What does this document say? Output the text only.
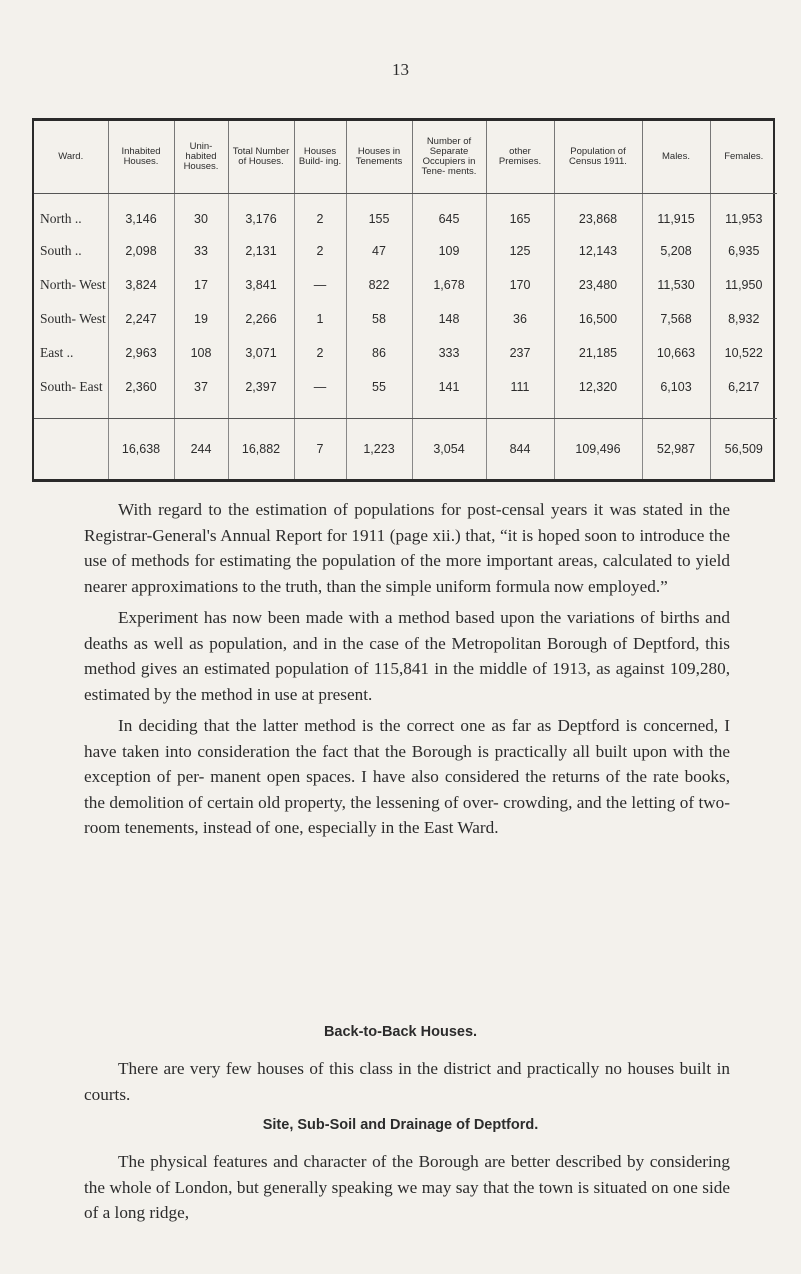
13
Ward.	Inhabited Houses.	Unin- habited Houses.	Total Number of Houses.	Houses Build- ing.	Houses in Tenements	Number of Separate Occupiers in Tene- ments.	other Premises.	Population of Census 1911.	Males.	Females.
North ..	3,146	30	3,176	2	155	645	165	23,868	11,915	11,953
South ..	2,098	33	2,131	2	47	109	125	12,143	5,208	6,935
North- West	3,824	17	3,841	—	822	1,678	170	23,480	11,530	11,950
South- West	2,247	19	2,266	1	58	148	36	16,500	7,568	8,932
East ..	2,963	108	3,071	2	86	333	237	21,185	10,663	10,522
South- East	2,360	37	2,397	—	55	141	111	12,320	6,103	6,217

	16,638	244	16,882	7	1,223	3,054	844	109,496	52,987	56,509

With regard to the estimation of populations for post-censal years it was stated in the Registrar-General's Annual Report for 1911 (page xii.) that, “it is hoped soon to introduce the use of methods for estimating the population of the more important areas, calculated to yield nearer approximations to the truth, than the simple uniform formula now employed.”

Experiment has now been made with a method based upon the variations of births and deaths as well as population, and in the case of the Metropolitan Borough of Deptford, this method gives an estimated population of 115,841 in the middle of 1913, as against 109,280, estimated by the method in use at present.

In deciding that the latter method is the correct one as far as Deptford is concerned, I have taken into consideration the fact that the Borough is practically all built upon with the exception of per- manent open spaces. I have also considered the returns of the rate books, the demolition of certain old property, the lessening of over- crowding, and the letting of two-room tenements, instead of one, especially in the East Ward.

Back-to-Back Houses.

There are very few houses of this class in the district and practically no houses built in courts.

Site, Sub-Soil and Drainage of Deptford.

The physical features and character of the Borough are better described by considering the whole of London, but generally speaking we may say that the town is situated on one side of a long ridge,
